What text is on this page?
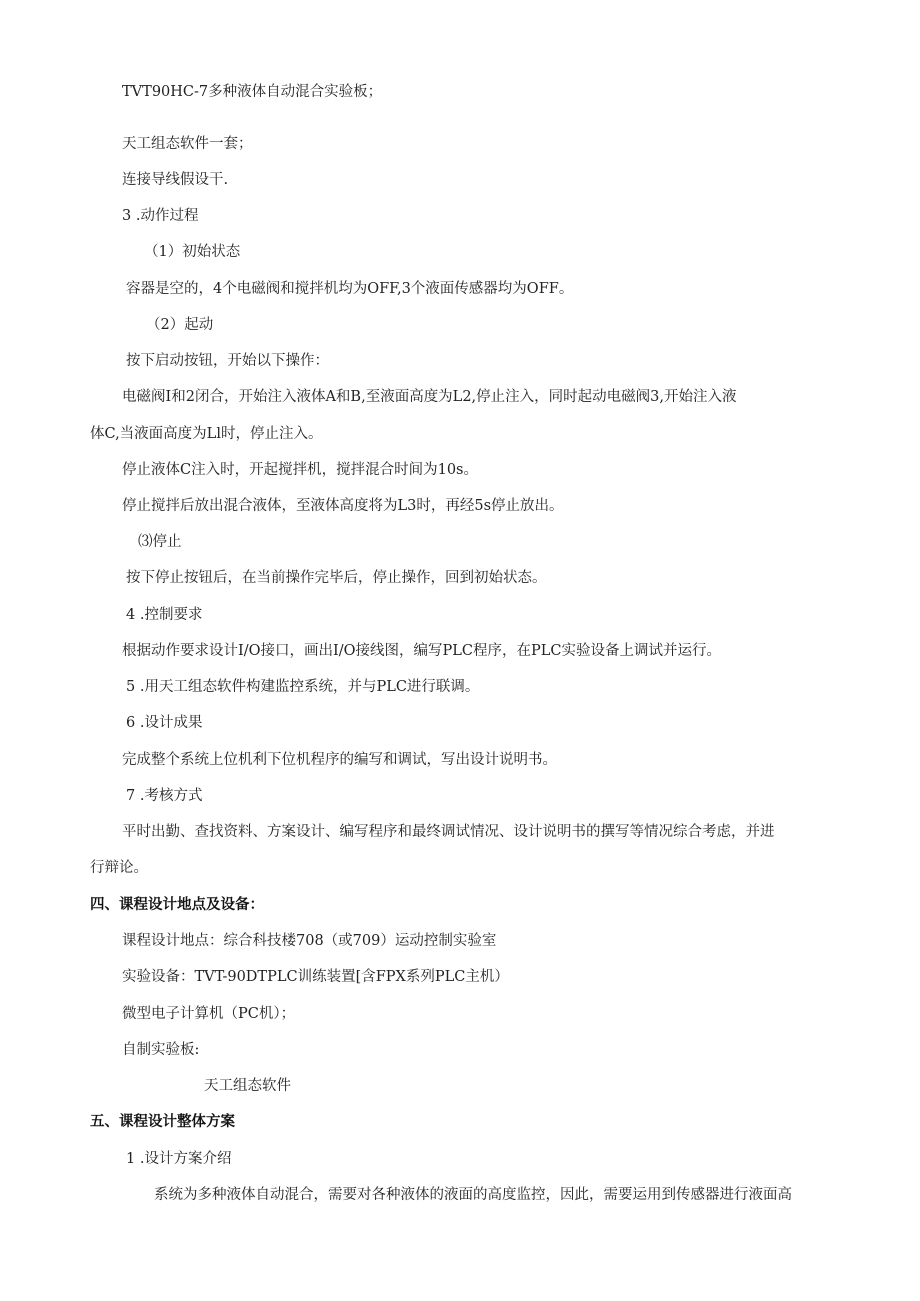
TVT90HC-7多种液体自动混合实验板；
天工组态软件一套；
连接导线假设干.
3 .动作过程
（1）初始状态
容器是空的，4个电磁阀和搅拌机均为OFF,3个液面传感器均为OFF。
（2）起动
按下启动按钮，开始以下操作：
电磁阀I和2闭合，开始注入液体A和B,至液面高度为L2,停止注入，同时起动电磁阀3,开始注入液
体C,当液面高度为Ll时，停止注入。
停止液体C注入时，开起搅拌机，搅拌混合时间为10s。
停止搅拌后放出混合液体，至液体高度将为L3时，再经5s停止放出。
⑶停止
按下停止按钮后，在当前操作完毕后，停止操作，回到初始状态。
4 .控制要求
根据动作要求设计I/O接口，画出I/O接线图，编写PLC程序，在PLC实验设备上调试并运行。
5 .用天工组态软件构建监控系统，并与PLC进行联调。
6 .设计成果
完成整个系统上位机利下位机程序的编写和调试，写出设计说明书。
7 .考核方式
平时出勤、查找资料、方案设计、编写程序和最终调试情况、设计说明书的撰写等情况综合考虑，并进
行辩论。
四、课程设计地点及设备：
课程设计地点：综合科技楼708（或709）运动控制实验室
实验设备：TVT-90DTPLC训练装置[含FPX系列PLC主机）
微型电子计算机（PC机）；
自制实验板:
天工组态软件
五、课程设计整体方案
1 .设计方案介绍
系统为多种液体自动混合，需要对各种液体的液面的高度监控，因此，需要运用到传感器进行液面高
